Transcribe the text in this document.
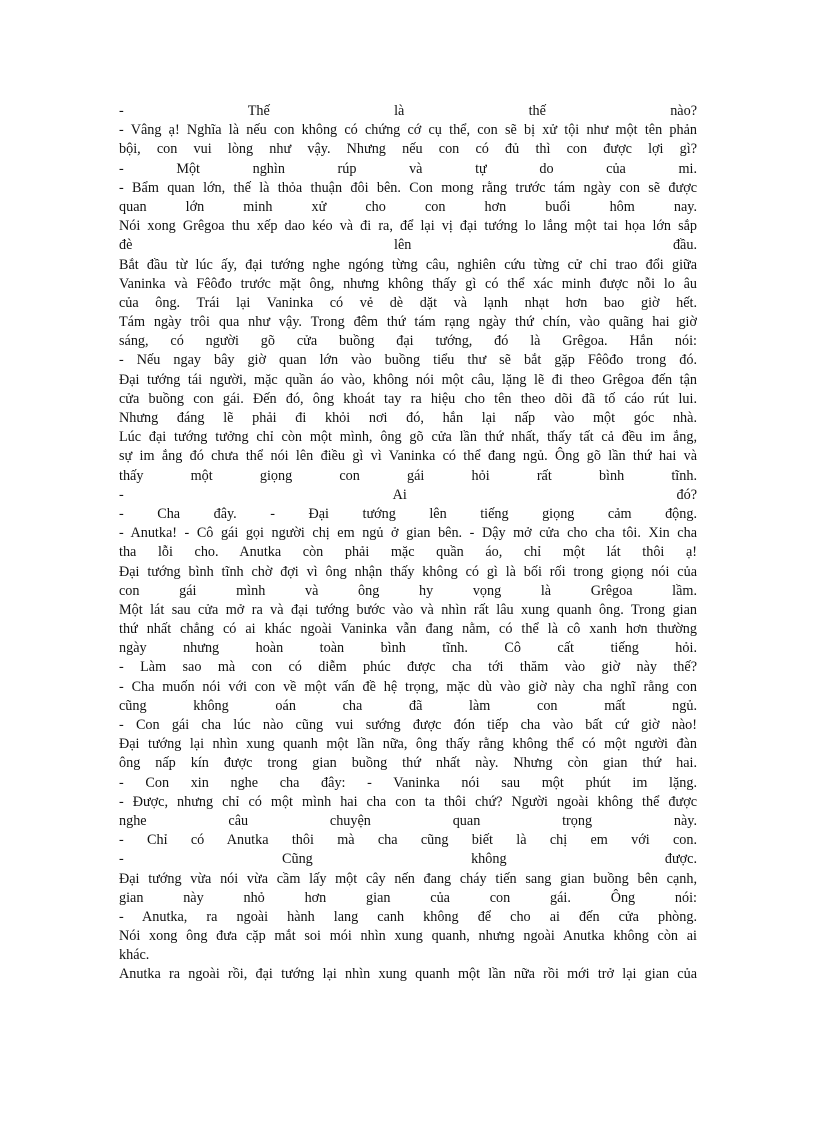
- Thế là thế nào?
- Vâng ạ! Nghĩa là nếu con không có chứng cớ cụ thể, con sẽ bị xử tội như một tên phản
bội, con vui lòng như vậy. Nhưng nếu con có đủ thì con được lợi gì?
- Một nghìn rúp và tự do của mi.
- Bẩm quan lớn, thế là thỏa thuận đôi bên. Con mong rằng trước tám ngày con sẽ được
quan lớn minh xử cho con hơn buổi hôm nay.
Nói xong Grêgoa thu xếp dao kéo và đi ra, để lại vị đại tướng lo lắng một tai họa lớn sắp
đè lên đầu.
Bắt đầu từ lúc ấy, đại tướng nghe ngóng từng câu, nghiên cứu từng cử chỉ trao đổi giữa
Vaninka và Fêôđo trước mặt ông, nhưng không thấy gì có thể xác minh được nỗi lo âu
của ông. Trái lại Vaninka có vẻ dè dặt và lạnh nhạt hơn bao giờ hết.
Tám ngày trôi qua như vậy. Trong đêm thứ tám rạng ngày thứ chín, vào quãng hai giờ
sáng, có người gõ cửa buồng đại tướng, đó là Grêgoa. Hắn nói:
- Nếu ngay bây giờ quan lớn vào buồng tiểu thư sẽ bắt gặp Fêôđo trong đó.
Đại tướng tái người, mặc quần áo vào, không nói một câu, lặng lẽ đi theo Grêgoa đến tận
cửa buồng con gái. Đến đó, ông khoát tay ra hiệu cho tên theo dõi đã tố cáo rút lui.
Nhưng đáng lẽ phải đi khỏi nơi đó, hắn lại nấp vào một góc nhà.
Lúc đại tướng tưởng chỉ còn một mình, ông gõ cửa lần thứ nhất, thấy tất cả đều im ắng,
sự im ắng đó chưa thể nói lên điều gì vì Vaninka có thể đang ngủ. Ông gõ lần thứ hai và
thấy một giọng con gái hỏi rất bình tĩnh.
- Ai đó?
- Cha đây. - Đại tướng lên tiếng giọng cảm động.
- Anutka! - Cô gái gọi người chị em ngủ ở gian bên. - Dậy mở cửa cho cha tôi. Xin cha
tha lỗi cho. Anutka còn phải mặc quần áo, chỉ một lát thôi ạ!
Đại tướng bình tĩnh chờ đợi vì ông nhận thấy không có gì là bối rối trong giọng nói của
con gái mình và ông hy vọng là Grêgoa lầm.
Một lát sau cửa mở ra và đại tướng bước vào và nhìn rất lâu xung quanh ông. Trong gian
thứ nhất chẳng có ai khác ngoài Vaninka vẫn đang nằm, có thể là cô xanh hơn thường
ngày nhưng hoàn toàn bình tĩnh. Cô cất tiếng hỏi.
- Làm sao mà con có diễm phúc được cha tới thăm vào giờ này thế?
- Cha muốn nói với con về một vấn đề hệ trọng, mặc dù vào giờ này cha nghĩ rằng con
cũng không oán cha đã làm con mất ngủ.
- Con gái cha lúc nào cũng vui sướng được đón tiếp cha vào bất cứ giờ nào!
Đại tướng lại nhìn xung quanh một lần nữa, ông thấy rằng không thể có một người đàn
ông nấp kín được trong gian buồng thứ nhất này. Nhưng còn gian thứ hai.
- Con xin nghe cha đây: - Vaninka nói sau một phút im lặng.
- Được, nhưng chỉ có một mình hai cha con ta thôi chứ? Người ngoài không thể được
nghe câu chuyện quan trọng này.
- Chỉ có Anutka thôi mà cha cũng biết là chị em với con.
- Cũng không được.
Đại tướng vừa nói vừa cầm lấy một cây nến đang cháy tiến sang gian buồng bên cạnh,
gian này nhỏ hơn gian của con gái. Ông nói:
- Anutka, ra ngoài hành lang canh không để cho ai đến cửa phòng.
Nói xong ông đưa cặp mắt soi mói nhìn xung quanh, nhưng ngoài Anutka không còn ai
khác.
Anutka ra ngoài rồi, đại tướng lại nhìn xung quanh một lần nữa rồi mới trở lại gian của
